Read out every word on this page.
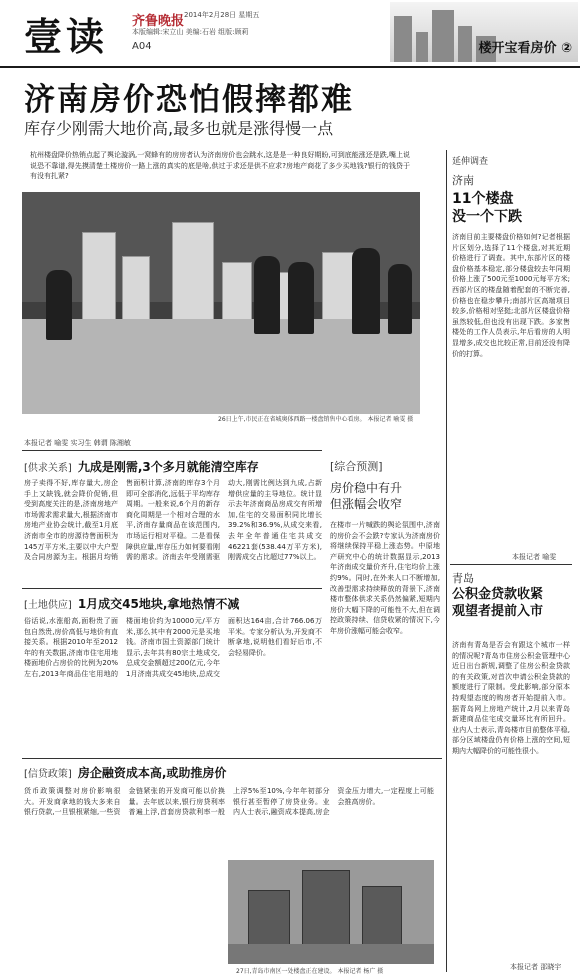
壹读 齐鲁晚报 2014年2月28日 星期五
本版编辑:宋立山 美编:石岩 组版:顾莉
A04	楼开宝看房价 ②
济南房价恐怕假摔都难
库存少刚需大地价高,最多也就是涨得慢一点
杭州楼盘降价热销点起了舆论漩涡,一窝蜂有的房房者认为济南房价也会跳水,这是是一种良好期盼,可到底能涨还是跌,嘴上说说恐不靠谱,得先摸清楚土楼房价一路上涨的真实的底是啥,供过于求还是供不应求?房地产商花了多少买地钱?银行的钱贷于有没有扎紧?
26日上午,市民正在省城奥体西路一楼盘销售中心看房。 本报记者 喻雯 摄
本报记者 喻雯 实习生 韩谓 陈湘敏
[供求关系] 九成是刚需,3个多月就能清空库存
房子卖得不好,库存量大,房企手上又缺钱,就会降价促销,但受到高度关注的是,济南房地产市场需求需求量大,根据济南市房地产业协会统计,截至1月底济南市全市的房源待售面积为145万平方米,主要以中大户型及合同房源为主。根据月均销售面积计算,济南的库存3个月即可全部消化,远低于平均库存周期。一般来说,6个月的新存商化周期是一个相对合理的水平,济南存量商品在该范围内,市场运行相对平稳。二是看保障供应量,库存压力如何要看刚需的需求。济南去年受刚需驱动大,刚需比例达到九成,占新增供应量的主导地位。统计显示去年济南商品房成交有所增加,住宅的交易面积同比增长39.2%和36.9%,从成交来看,去年全年普通住宅共成交46221套(538.44万平方米),刚需成交占比超过77%以上。
[土地供应] 1月成交45地块,拿地热情不减
俗话说,水涨船高,面粉贵了面包自然贵,房价高低与地价有直接关系。根据2010年至2012年的有关数据,济南市住宅用地楼面地价占房价的比例为20%左右,2013年商品住宅用地的楼面地价约为10000元/平方米,那么其中有2000元是买地钱。济南市国土资源部门统计显示,去年共有80宗土地成交,总成交金额超过200亿元,今年1月济南共成交45地块,总成交面积达164亩,合计766.06万平米。专家分析认为,开发商不断拿地,说明他们看好后市,不会轻易降价。
[综合预测]
房价稳中有升
但涨幅会收窄
在楼市一片喊跌的舆论氛围中,济南的房价会不会跌?专家认为济南房价将继续保持平稳上涨态势。中原地产研究中心的统计数据显示,2013年济南成交量价齐升,住宅均价上涨约9%。同时,在外来人口不断增加,改善型需求持续释放的背景下,济南楼市整体供求关系仍然偏紧,短期内房价大幅下降的可能性不大,但在调控政策持续、信贷收紧的情况下,今年房价涨幅可能会收窄。
[信贷政策] 房企融资成本高,或助推房价
货币政策调整对房价影响很大。开发商拿地的钱大多来自银行贷款,一旦银根紧缩,一些资金链紧张的开发商可能以价换量。去年底以来,银行房贷利率普遍上浮,首套房贷款利率一般上浮5%至10%,今年年初部分银行甚至暂停了房贷业务。业内人士表示,融资成本提高,房企资金压力增大,一定程度上可能会推高房价。
27日,青岛市南区一处楼盘正在建设。 本报记者 杨广 摄
延伸调查
济南
11个楼盘
没一个下跌
济南目前主要楼盘价格如何?记者根据片区划分,选择了11个楼盘,对其近期价格进行了调查。其中,东部片区的楼盘价格基本稳定,部分楼盘较去年同期价格上涨了500元至1000元每平方米;西部片区的楼盘随着配套的不断完善,价格也在稳步攀升;南部片区高端项目较多,价格相对坚挺;北部片区楼盘价格虽然较低,但也没有出现下跌。多家售楼处的工作人员表示,年后看房的人明显增多,成交也比较正常,目前还没有降价的打算。
本报记者 喻雯
青岛
公积金贷款收紧
观望者提前入市
济南有青岛是否会有跟这个城市一样的情况呢?青岛市住房公积金管理中心近日出台新规,调整了住房公积金贷款的有关政策,对首次申请公积金贷款的额度进行了限制。受此影响,部分原本持观望态度的购房者开始提前入市。据青岛网上房地产统计,2月以来青岛新建商品住宅成交量环比有所回升。业内人士表示,青岛楼市目前整体平稳,部分区域楼盘仍有价格上涨的空间,短期内大幅降价的可能性很小。
本报记者 邵晓宇
